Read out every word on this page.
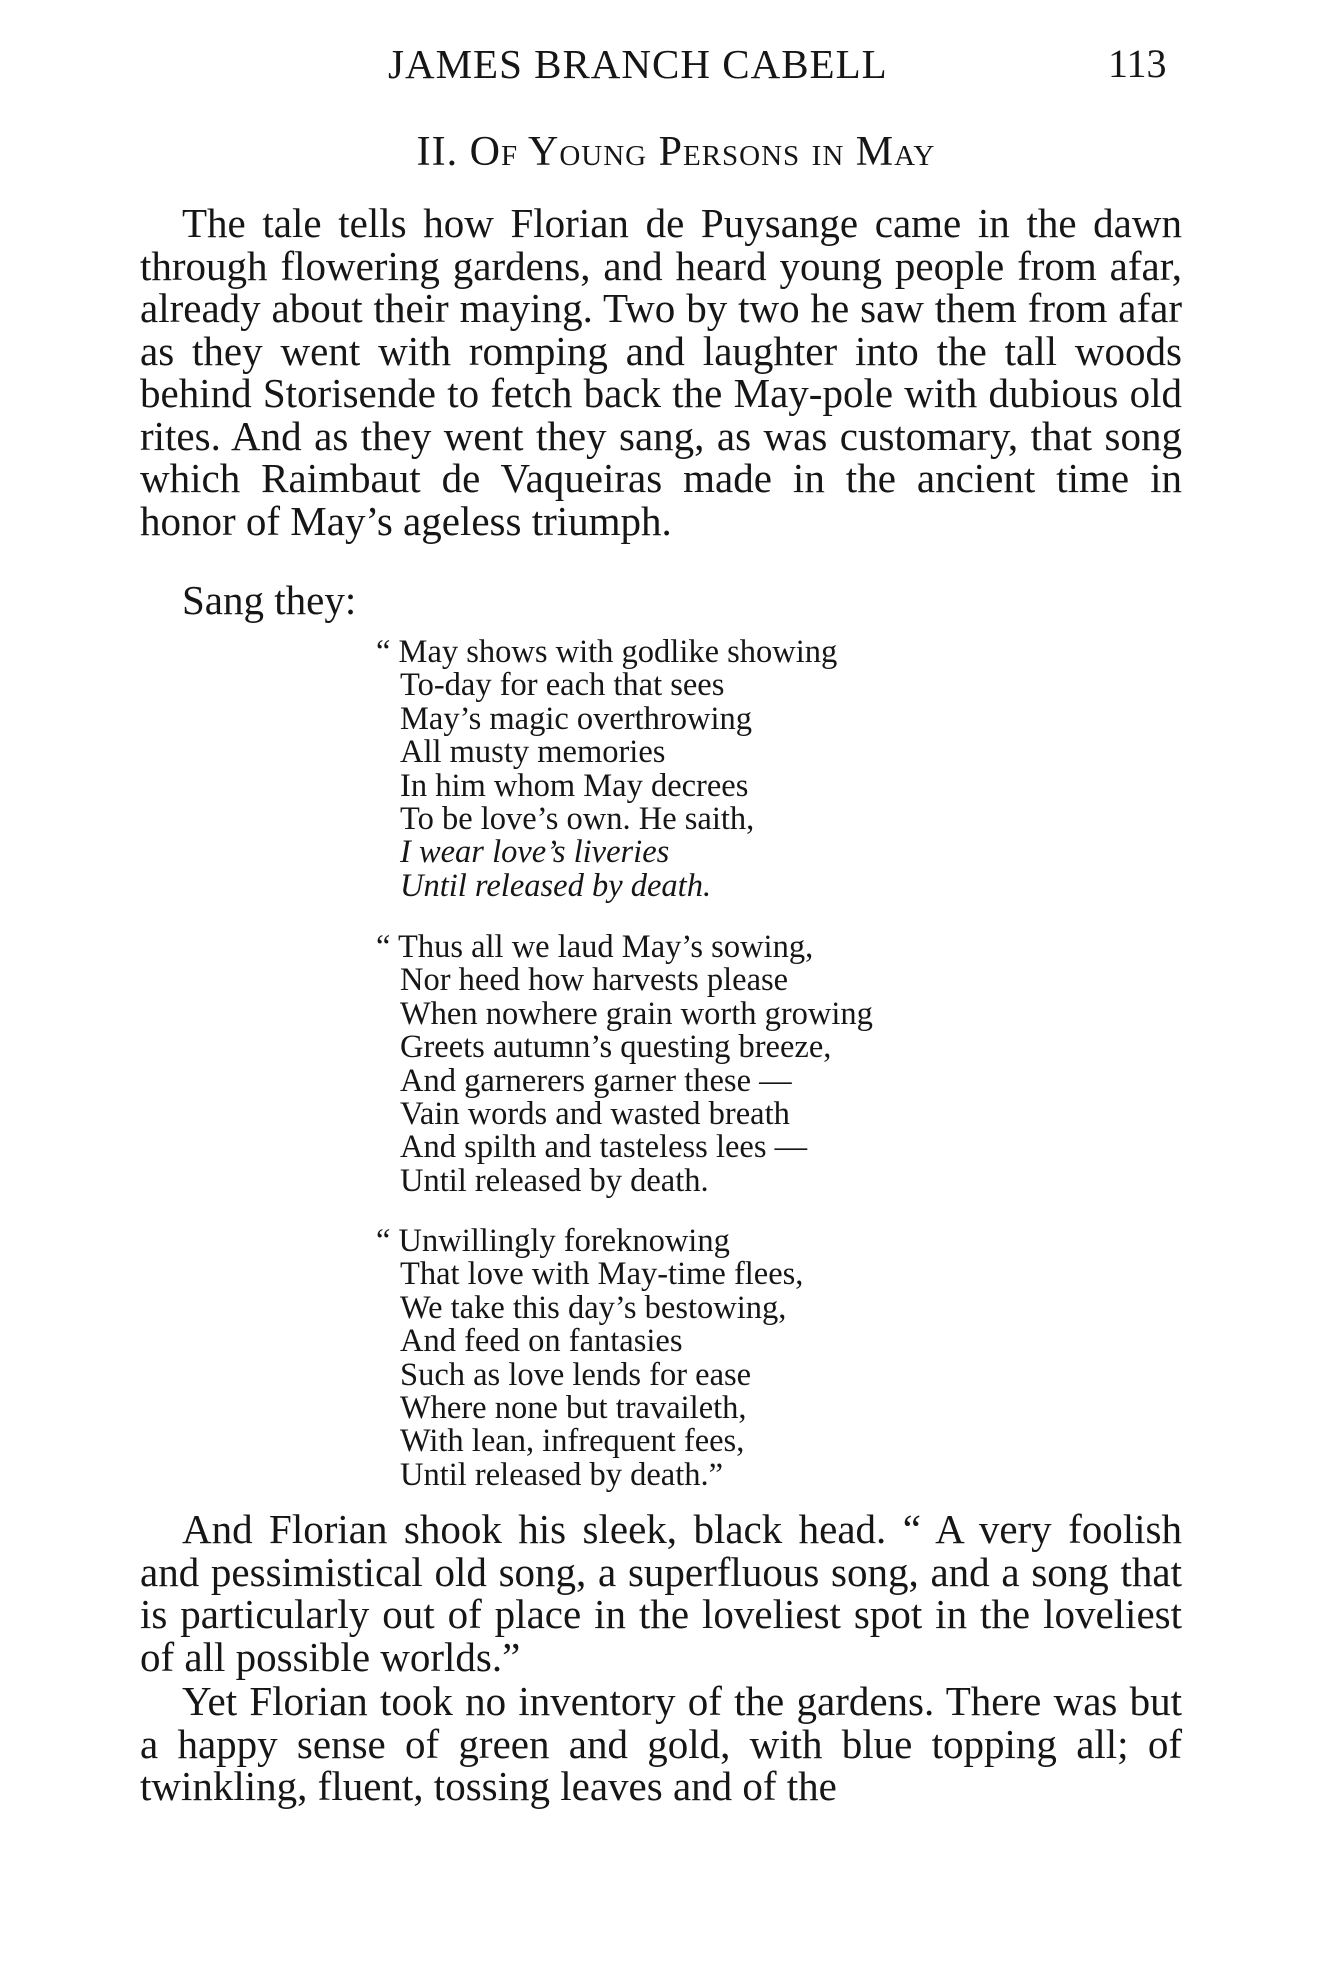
JAMES BRANCH CABELL	113
II. Of Young Persons in May

The tale tells how Florian de Puysange came in the dawn through flowering gardens, and heard young people from afar, already about their maying. Two by two he saw them from afar as they went with romping and laughter into the tall woods behind Storisende to fetch back the May-pole with dubious old rites. And as they went they sang, as was customary, that song which Raimbaut de Vaqueiras made in the ancient time in honor of May’s ageless triumph.

Sang they:
“ May shows with godlike showing
To-day for each that sees
May’s magic overthrowing
All musty memories
In him whom May decrees
To be love’s own. He saith,
I wear love’s liveries
Until released by death.
“ Thus all we laud May’s sowing,
Nor heed how harvests please
When nowhere grain worth growing
Greets autumn’s questing breeze,
And garnerers garner these —
Vain words and wasted breath
And spilth and tasteless lees —
Until released by death.
“ Unwillingly foreknowing
That love with May-time flees,
We take this day’s bestowing,
And feed on fantasies
Such as love lends for ease
Where none but travaileth,
With lean, infrequent fees,
Until released by death.”

And Florian shook his sleek, black head. “ A very foolish and pessimistical old song, a superfluous song, and a song that is particularly out of place in the loveliest spot in the loveliest of all possible worlds.”

Yet Florian took no inventory of the gardens. There was but a happy sense of green and gold, with blue topping all; of twinkling, fluent, tossing leaves and of the
